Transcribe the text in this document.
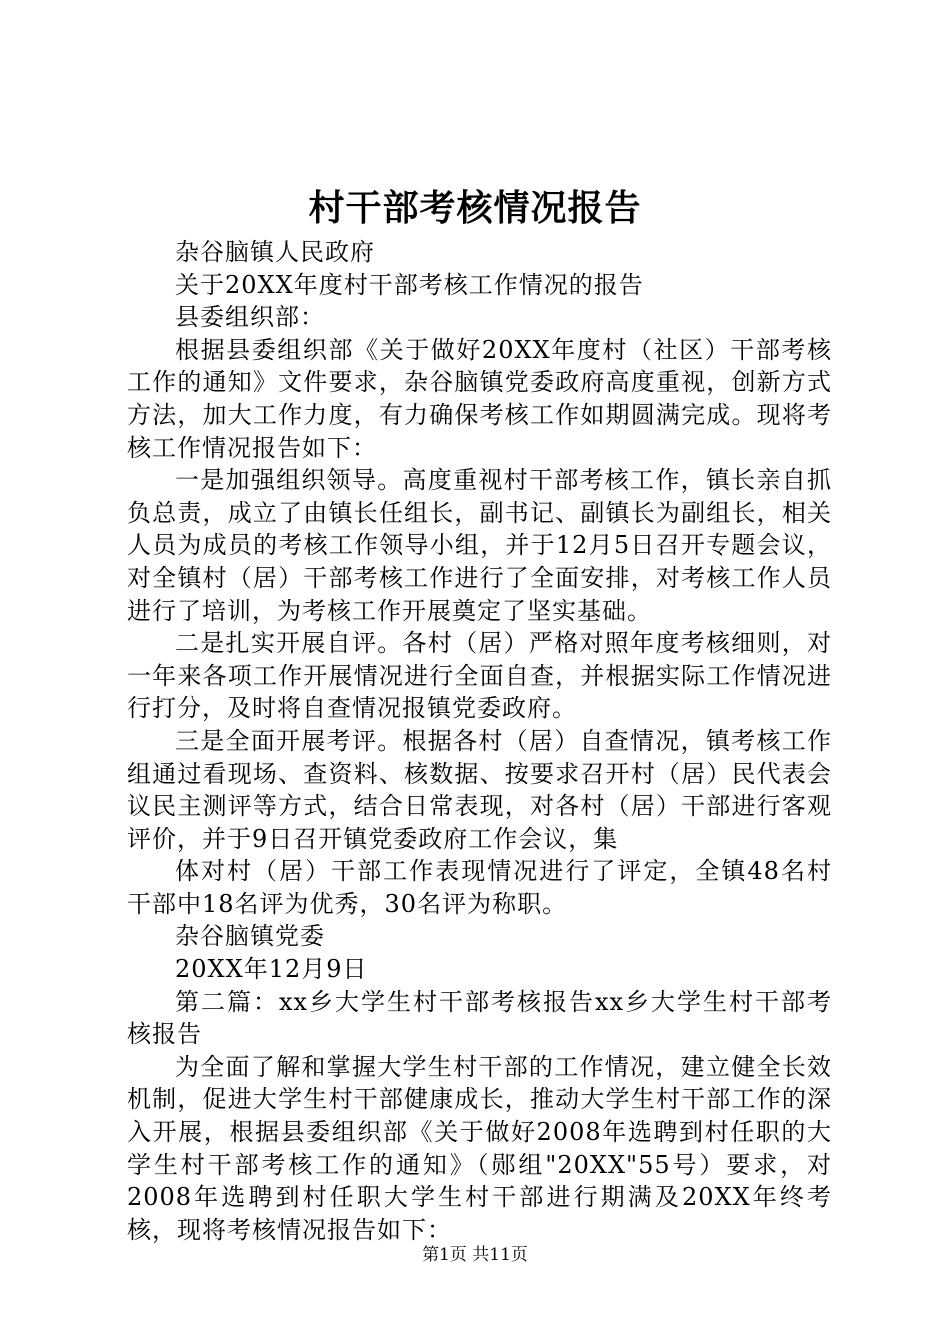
村干部考核情况报告

杂谷脑镇人民政府

关于20XX年度村干部考核工作情况的报告

县委组织部：

根据县委组织部《关于做好20XX年度村（社区）干部考核工作的通知》文件要求，杂谷脑镇党委政府高度重视，创新方式方法，加大工作力度，有力确保考核工作如期圆满完成。现将考核工作情况报告如下：

一是加强组织领导。高度重视村干部考核工作，镇长亲自抓负总责，成立了由镇长任组长，副书记、副镇长为副组长，相关人员为成员的考核工作领导小组，并于12月5日召开专题会议，对全镇村（居）干部考核工作进行了全面安排，对考核工作人员进行了培训，为考核工作开展奠定了坚实基础。

二是扎实开展自评。各村（居）严格对照年度考核细则，对一年来各项工作开展情况进行全面自查，并根据实际工作情况进行打分，及时将自查情况报镇党委政府。

三是全面开展考评。根据各村（居）自查情况，镇考核工作组通过看现场、查资料、核数据、按要求召开村（居）民代表会议民主测评等方式，结合日常表现，对各村（居）干部进行客观评价，并于9日召开镇党委政府工作会议，集

体对村（居）干部工作表现情况进行了评定，全镇48名村干部中18名评为优秀，30名评为称职。

杂谷脑镇党委

20XX年12月9日

第二篇：xx乡大学生村干部考核报告xx乡大学生村干部考核报告

为全面了解和掌握大学生村干部的工作情况，建立健全长效机制，促进大学生村干部健康成长，推动大学生村干部工作的深入开展，根据县委组织部《关于做好2008年选聘到村任职的大学生村干部考核工作的通知》（郧组"20XX"55号）要求，对2008年选聘到村任职大学生村干部进行期满及20XX年终考核，现将考核情况报告如下：

第1页 共11页
